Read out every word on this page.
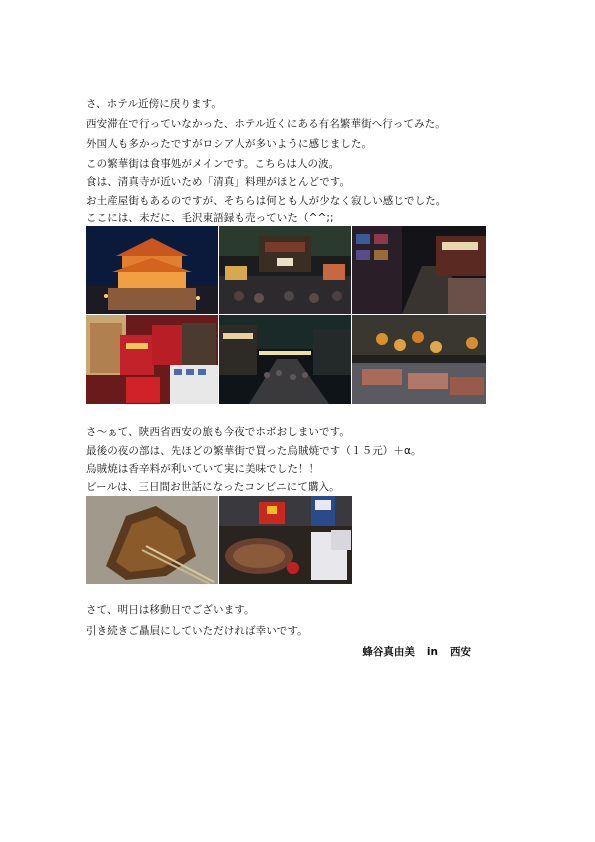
さ、ホテル近傍に戻ります。
西安滞在で行っていなかった、ホテル近くにある有名繁華街へ行ってみた。
外国人も多かったですがロシア人が多いように感じました。
この繁華街は食事処がメインです。こちらは人の波。
食は、清真寺が近いため「清真」料理がほとんどです。
お土産屋街もあるのですが、そちらは何とも人が少なく寂しい感じでした。
ここには、未だに、毛沢東語録も売っていた（^^;;
さ〜ぁて、陝西省西安の旅も今夜でホボおしまいです。
最後の夜の部は、先ほどの繁華街で買った烏賊焼です（１５元）＋α。
烏賊焼は香辛料が利いていて実に美味でした！！
ビールは、三日間お世話になったコンビニにて購入。
さて、明日は移動日でございます。
引き続きご贔屓にしていただければ幸いです。
蜂谷真由美 in 西安
